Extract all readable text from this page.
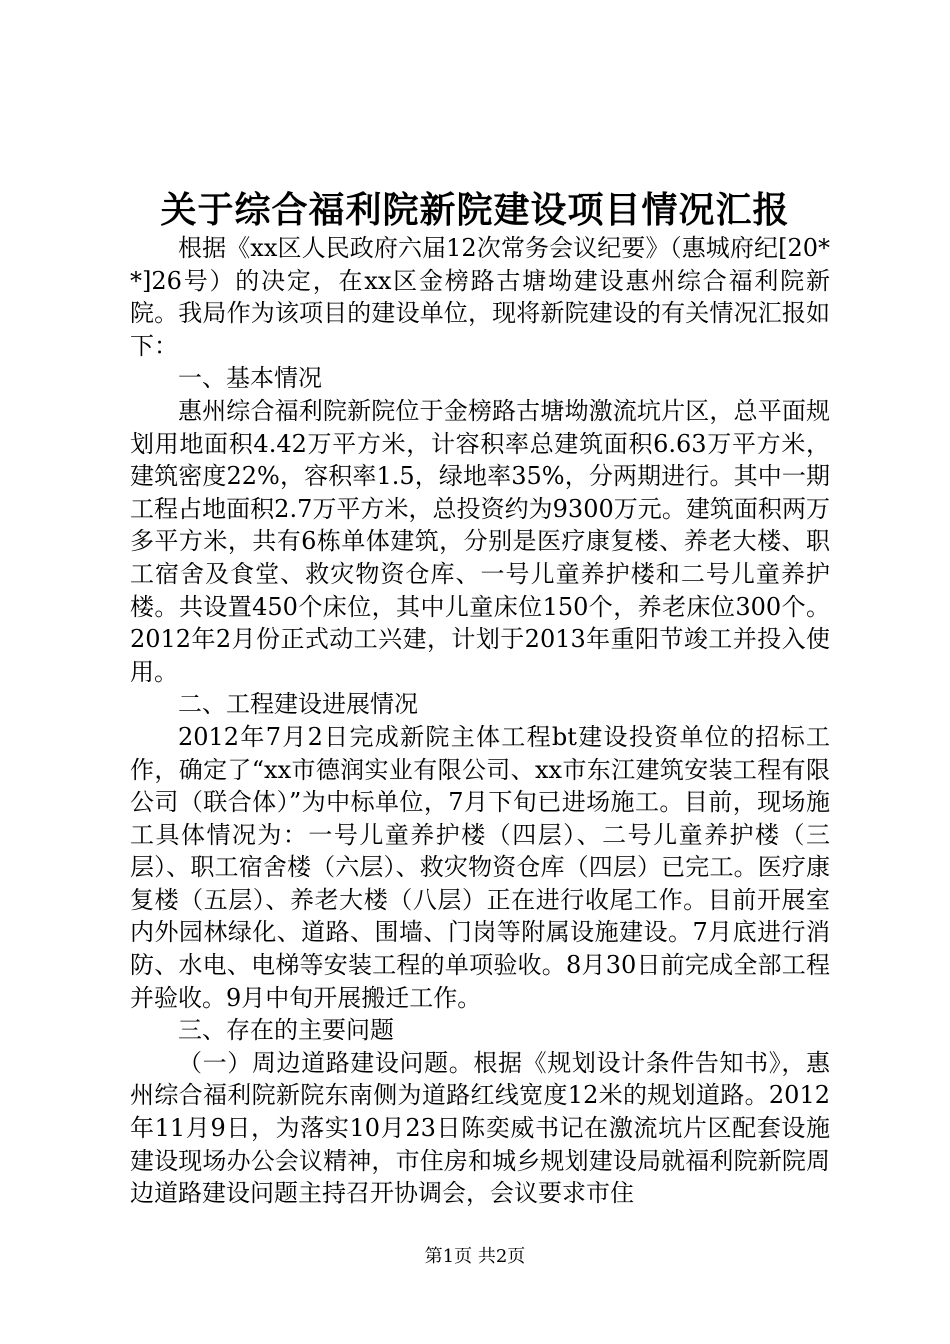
关于综合福利院新院建设项目情况汇报

根据《xx区人民政府六届12次常务会议纪要》（惠城府纪[20**]26号）的决定，在xx区金榜路古塘坳建设惠州综合福利院新院。我局作为该项目的建设单位，现将新院建设的有关情况汇报如下：

一、基本情况

惠州综合福利院新院位于金榜路古塘坳激流坑片区，总平面规划用地面积4.42万平方米，计容积率总建筑面积6.63万平方米，建筑密度22%，容积率1.5，绿地率35%，分两期进行。其中一期工程占地面积2.7万平方米，总投资约为9300万元。建筑面积两万多平方米，共有6栋单体建筑，分别是医疗康复楼、养老大楼、职工宿舍及食堂、救灾物资仓库、一号儿童养护楼和二号儿童养护楼。共设置450个床位，其中儿童床位150个，养老床位300个。2012年2月份正式动工兴建，计划于2013年重阳节竣工并投入使用。

二、工程建设进展情况

2012年7月2日完成新院主体工程bt建设投资单位的招标工作，确定了“xx市德润实业有限公司、xx市东江建筑安装工程有限公司（联合体）”为中标单位，7月下旬已进场施工。目前，现场施工具体情况为：一号儿童养护楼（四层）、二号儿童养护楼（三层）、职工宿舍楼（六层）、救灾物资仓库（四层）已完工。医疗康复楼（五层）、养老大楼（八层）正在进行收尾工作。目前开展室内外园林绿化、道路、围墙、门岗等附属设施建设。7月底进行消防、水电、电梯等安装工程的单项验收。8月30日前完成全部工程并验收。9月中旬开展搬迁工作。

三、存在的主要问题

（一）周边道路建设问题。根据《规划设计条件告知书》，惠州综合福利院新院东南侧为道路红线宽度12米的规划道路。2012年11月9日，为落实10月23日陈奕威书记在激流坑片区配套设施建设现场办公会议精神，市住房和城乡规划建设局就福利院新院周边道路建设问题主持召开协调会，会议要求市住

第1页 共2页
